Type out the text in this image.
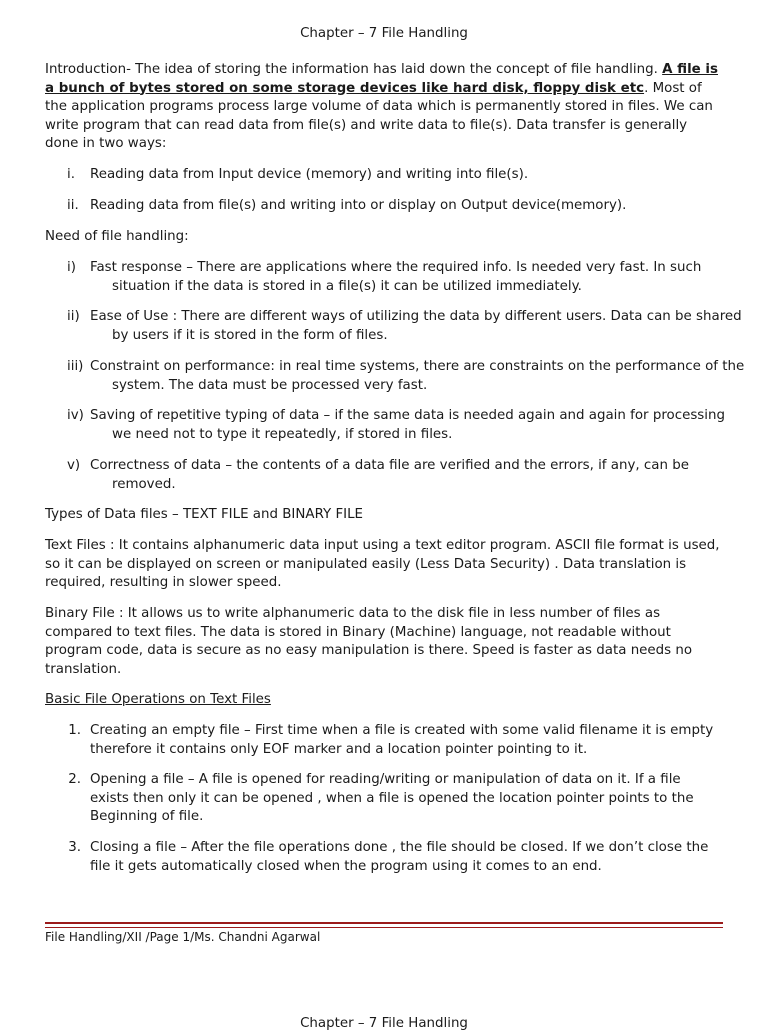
Chapter – 7 File Handling
Introduction- The idea of storing the information has laid down the concept of file handling. A file is a bunch of bytes stored on some storage devices like hard disk, floppy disk etc. Most of the application programs process large volume of data which is permanently stored in files. We can write program that can read data from file(s) and write data to file(s). Data transfer is generally done in two ways:
i.	Reading data from Input device (memory) and writing into file(s).
ii. Reading data from file(s) and writing into or display on Output device(memory).
Need of file handling:
i)	Fast response – There are applications where the required info. Is needed very fast. In such situation if the data is stored in a file(s) it can be utilized immediately.
ii) Ease of Use : There are different ways of utilizing the data by different users. Data can be shared by users if it is stored in the form of files.
iii) Constraint on performance: in real time systems, there are constraints on the performance of the system. The data must be processed very fast.
iv) Saving of repetitive typing of data – if the same data is needed again and again for processing we need not to type it repeatedly, if stored in files.
v) Correctness of data – the contents of a data file are verified and the errors, if any, can be removed.
Types of Data files – TEXT FILE and BINARY FILE
Text Files : It contains alphanumeric data input using a text editor program. ASCII file format is used, so it can be displayed on screen or manipulated easily (Less Data Security) . Data translation is required, resulting in slower speed.
Binary File : It allows us to write alphanumeric data to the disk file in less number of files as compared to text files. The data is stored in Binary (Machine) language, not readable without program code, data is secure as no easy manipulation is there. Speed is faster as data needs no translation.
Basic File Operations on Text Files
1. Creating an empty file – First time when a file is created with some valid filename it is empty therefore it contains only EOF marker and a location pointer pointing to it.
2. Opening a file – A file is opened for reading/writing or manipulation of data on it. If a file exists then only it can be opened , when a file is opened the location pointer points to the Beginning of file.
3. Closing a file – After the file operations done , the file should be closed. If we don’t close the file it gets automatically closed when the program using it comes to an end.
File Handling/XII /Page 1/Ms. Chandni Agarwal
Chapter – 7 File Handling
